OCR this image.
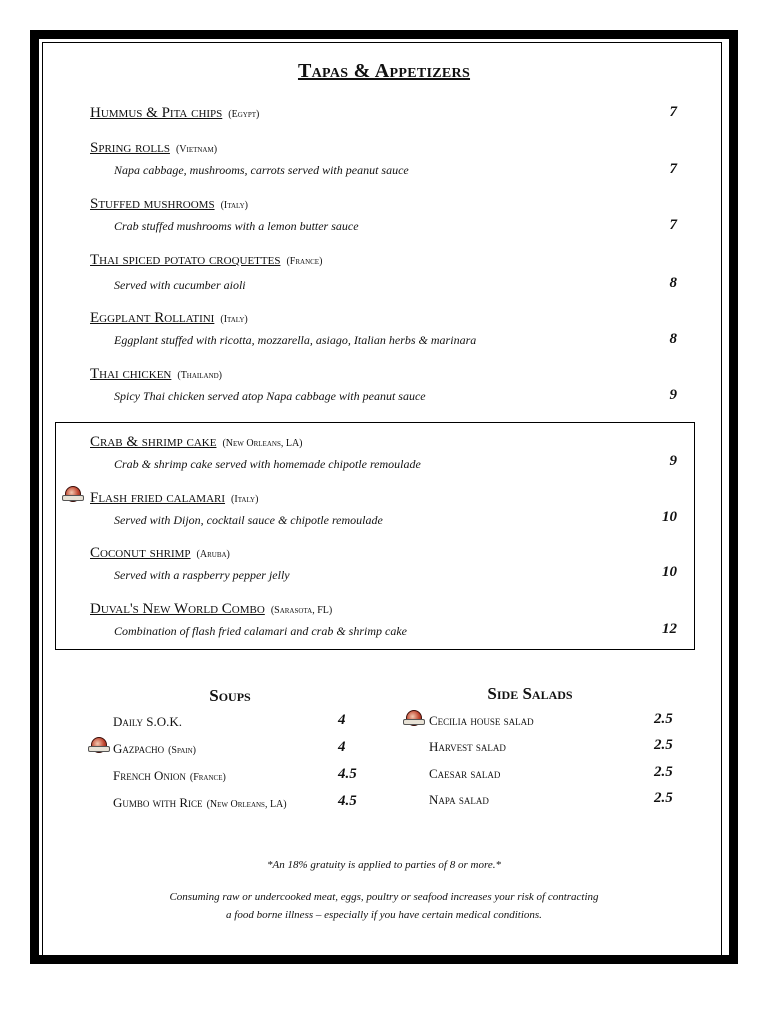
Tapas & Appetizers
Hummus & Pita chips (Egypt)	7
Spring rolls (Vietnam)
Napa cabbage, mushrooms, carrots served with peanut sauce	7
Stuffed mushrooms (Italy)
Crab stuffed mushrooms with a lemon butter sauce	7
Thai spiced potato croquettes (France)
Served with cucumber aioli	8
Eggplant Rollatini (Italy)
Eggplant stuffed with ricotta, mozzarella, asiago, Italian herbs & marinara	8
Thai chicken (Thailand)
Spicy Thai chicken served atop Napa cabbage with peanut sauce	9
Crab & shrimp cake (New Orleans, LA)
Crab & shrimp cake served with homemade chipotle remoulade	9
Flash fried calamari (Italy)
Served with Dijon, cocktail sauce & chipotle remoulade	10
Coconut shrimp (Aruba)
Served with a raspberry pepper jelly	10
Duval's New World Combo (Sarasota, FL)
Combination of flash fried calamari and crab & shrimp cake	12
Soups
Daily S.O.K.	4
Gazpacho (Spain)	4
French Onion (France)	4.5
Gumbo with Rice (New Orleans, LA)	4.5
Side Salads
Cecilia house salad	2.5
Harvest salad	2.5
Caesar salad	2.5
Napa salad	2.5
*An 18% gratuity is applied to parties of 8 or more.*
Consuming raw or undercooked meat, eggs, poultry or seafood increases your risk of contracting
a food borne illness – especially if you have certain medical conditions.
